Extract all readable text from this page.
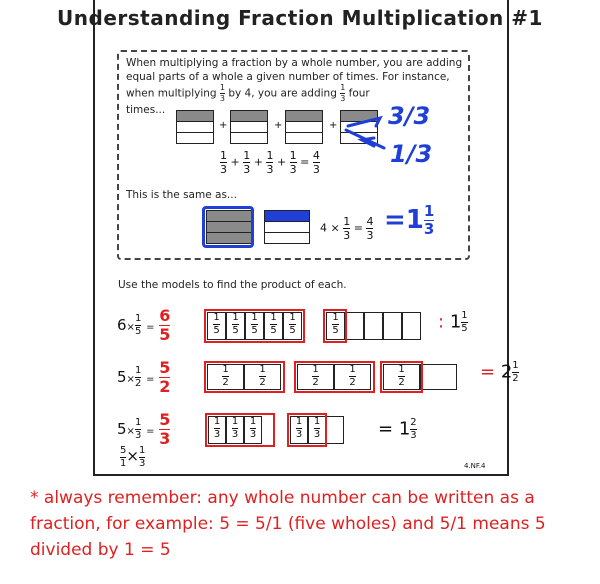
Understanding Fraction Multiplication #1
When multiplying a fraction by a whole number, you are adding equal parts of a whole a given number of times. For instance, when multiplying $\frac{1}{3}$ by 4, you are adding $\frac{1}{3}$ four
times...
+	+	+ 3/3
1/3
$\frac{1}{3} + \frac{1}{3} + \frac{1}{3} + \frac{1}{3} = \frac{4}{3}$
This is the same as...
$4 \times \frac{1}{3} = \frac{4}{3} =1 \frac{1}{3}$
Use the models to find the product of each.
$6\times \frac{1}{5} = \frac{6}{5}$	$\frac{1}{5} \frac{1}{5} \frac{1}{5} \frac{1}{5} \frac{1}{5}$	$\frac{1}{5}$	: $1 \frac{1}{5}$
$5\times \frac{1}{2} = \frac{5}{2}$	$\frac{1}{2}$	$\frac{1}{2}$	$\frac{1}{2}$	$\frac{1}{2}$	$\frac{1}{2}$	= $2 \frac{1}{2}$
$5\times \frac{1}{3} = \frac{5}{3}$	$\frac{1}{3} \frac{1}{3} \frac{1}{3}$	$\frac{1}{3} \frac{1}{3}$	= $1 \frac{2}{3}$
$\frac{5}{1} \times \frac{1}{3}$	4.NF.4
* always remember: any whole number can be written as a fraction, for example: 5 = 5/1 (five wholes) and 5/1 means 5 divided by 1 = 5
